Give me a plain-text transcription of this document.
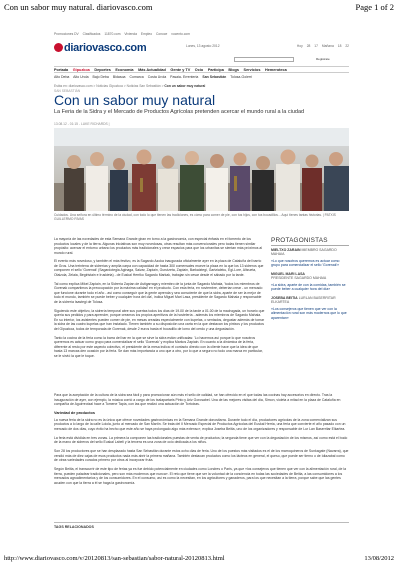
Con un sabor muy natural. diariovasco.com	Page 1 of 2
Promociones DV Clasificados 11870.com Vivienda Empleo Conoce vocento.com
diariovasco.com	Lunes, 13 agosto 2012	Hoy 28 17 Mañana 18 22
Registrate
Portada Gipuzkoa Deportes Economía Más Actualidad Gente y TV Ocio Participa Blogs Servicios Hemeroteca
Alto Deba Alto Urola Bajo Deba Bidasoa Comarca Costa Urola Pasaia- Errenteria San Sebastián Tolosa-Goierri
Estás en: diariovasco.com > Noticias Gipuzkoa > Noticias San Sebastián > Con un sabor muy natural
SAN SEBASTIÁN
Con un sabor muy natural
La Feria de la Sidra y el Mercado de Productos Agrícolas pretenden acercar el mundo rural a la ciudad
13.08.12 - 01:15 - LUKE RICHARDS |
Cuidados. Una señora en último término de la ciudad, con todo lo que tienen las tradiciones, es cómo para comer de pie, con tus hijos, con tus bocadillos... Aquí tienes tantas historias. | PATXIS GUILLERMO RIVAS

La mayoría de las novedades de esta Semana Grande giran en torno a la gastronomía, con especial énfasis en el fomento de los productos locales y de la tierra. Algunas iniciativas son muy novedosas, otras resultan más convencionales pero todas tienen similar propósito: acercar el entorno urbano los productos más tradicionales y crear espacios para que los urbanitas se sientan más próximos al mundo rural.

El evento más novedoso, y también el más festivo, es la Sagardo Azoka inaugurada oficialmente ayer en la plaza de Cataluña del barrio de Gros. Una treintena de sidrerías y amplia carpa con capacidad de hasta 300 comensales mueve la plaza en la que los 13 sidreros que componen el sello 'Gorenak' (Sagardotegia Aginaga, Saizar, Zapiain, Gurutzeta, Zapiain, Barkaiztegi, Gartzialeku, Egi-Lore, Altzueta, Olaizola, Zelaia, Begiristain e Iruskieta) - de Euskal Herriko Sagardo Markak, trabajan sin cesar desde el sábado por la tarde.

Tal como explica Mikel Zapiain, en la Sidrería Zapian de Astigarraga y miembro de la junta de Sagardo Mahaia, 'todos los miembros de Gorenak compartimos la preocupación por la máxima calidad' en el producto. Con esta feria, en noviembre, deberían crear - un mercado que funcione durante todo el año - así como conseguir que la gente aprenda y sea consciente de que la sidra, aparte de ser la mejor de todo el mundo, también se puede beber y cualquier hora del día', indica Miguel Mari Lasa, presidente de Sagardo Mahaia y responsable de la sidrería Isastegi de Tolosa.

Siguiendo este objetivo, la sidrería temporal abre sus puertas todos los días de 19.00 de la tarde a 01.00 de la madrugada, un horario que quería sus pedidos y para aprender, porque creamos los propios aperitivos de la hostelería - además los miembros de Sagardo Mahaia. En su interior, los asistentes pueden comer de pie, en mesas creadas especialmente con kupelas, o sentados, degustar además de tomar la sidra de las cuatro kupelas que han instalado. Tienen también a su disposición una carta en la que destacan los pintxos y los productos del Gipuzkoa, todos de temporada de Gorenak, desde 2 euros hasta el bocadillo de lomo del cerdo y una degustación.

Tanto la cocina de la feria como la barra del bar en la que se sirve la sidra están unificadas: 'Lo hacemos así porque lo que nosotros queremos es actuar como grupo para comercializar el sello 'Gorenak' y explica Markos Zapiain. En cuanto a la dinámica de la feria, diferente al resto por este aspecto colectivo, el presidente de la mesa indica: el contacto directo con la cliente hace que la idea de que hasta 13 marcas den ocasión por la feria. Se dan más importancia a uno que a otro, por lo que a seguro no todo una marca en particular, se le sirvió la que le toque.

PROTAGONISTAS
MIELTXO ZARAIN MIEMBRO SAGARDO MAHAIA
«Lo que nosotros queremos es actuar como grupo para comercializar el sello 'Gorenak'»
MIGUEL MARI LASA
PRESIDENTE SAGARDO MAHAIA
«La sidra, aparte de con la comidas, también se puede beber a cualquier hora del día»
JOSEBA BEITIA LURLAN BASERRITAR ELKARTEA
«Los consejeros que tienen que ver con la alimentación rural son más modernos que lo que aparentan»

Para que la aceptación de la cultura de la sidra sea fácil y para promocionar aún más el sello de calidad, se han ofrecido en el que todas las cocinas hay accesorios en directo. Tras la inauguración de ayer, con ejemplo, la música corrió a cargo de los txalapartaris Pinto y Ariz Gorosabel. Una de las mejores visitas del día, Simon, violeta a mitad en la plaza de Cataluña en compañía de Aguirreotzal hace a Tomene Tapia, con las que realizó una actuación de Tortoixas.

Variedad de productos

La nueva feria de la sidra no es la única que ofrece novedades gastronómicas en la Semana Grande donostiarra. Durante todo el día, productores agrícolas de la zona comercializan sus productos a lo largo de la calle Loiola, junto al mercado de San Martín. Se trata del II Mercado Especial de Productos Agrícolas del Euskal Herria, una feria que convierte el año pasado con un mercado de dos días, cuyo éxito ha hecho que este año se haya prolongado algo más extenso», explica Joseba Beitia, uno de los organizadores y responsable de Lur Lan Baserritar Elkartea.

La feria está dividida en tres zonas. La primera la componen las tradicionales puestas de venta de productos; la segunda tiene que ver con la degustación de los mismos, así como está el bodo de la mano de sidreros del sello Euskal Labeli y la tercera es una zona de ocio dedicada a los niños.

Son 28 los productores que se han desplazado hasta San Sebastián durante estos ocho días de feria. Uno de los puestos más visitados es el de los marroquineros de Sunkagate (Navarra), que vendió más de diez cajas de esos productos nada más abrir la primera mañana. También destacan productos como los lácteos en general, el queso, que puede ser tierno o de Idiazabal como de otras variedades curados primero por otros al incorporar fruta.

Según Beitia, el transcurrir de este tipo de ferias ya es fue debido potencialmente en ciudades como Londres o París, ya que «los consejeros que tienen que ver con la alimentación rural, de la tierra, pueden paladear tradicionales, pero son más modernos que nunca». El reto que tiene que ser la voluntad de la conciencia en todas las sociedades de Beitia, a las consumidores a los mercados agroalimentarios y de los consumidores. En el consumo, así es como la necesitan, en los agricultores y ganaderos, para los que necesitan a la tierra, porque sabe que las gentes acuden con que la tierra a él se haga la gastronomía.

TAGS RELACIONADOS
http://www.diariovasco.com/v/20120813/san-sebastian/sabor-natural-20120813.html	13/08/2012
